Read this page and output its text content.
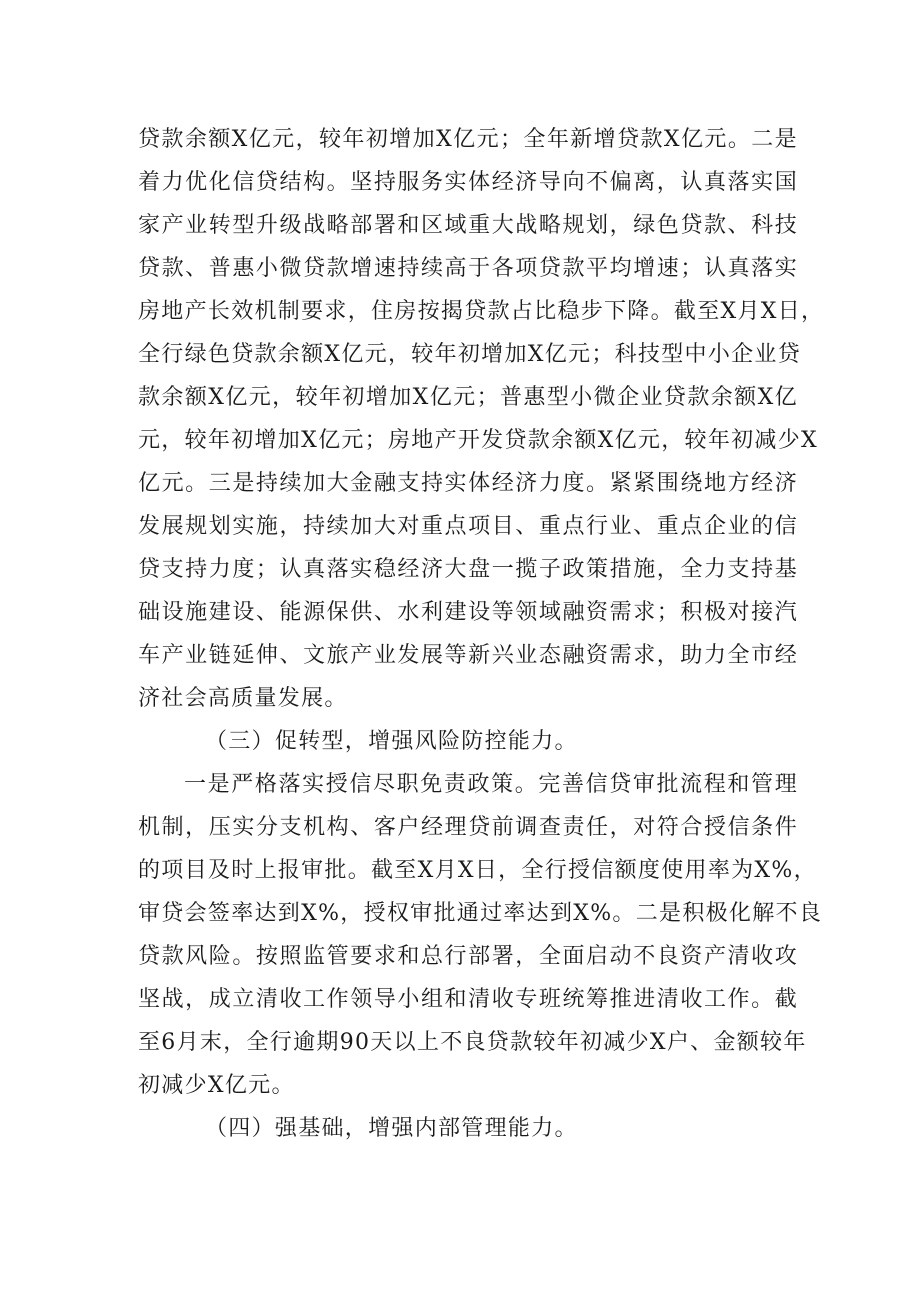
贷款余额X亿元，较年初增加X亿元；全年新增贷款X亿元。二是
着力优化信贷结构。坚持服务实体经济导向不偏离，认真落实国
家产业转型升级战略部署和区域重大战略规划，绿色贷款、科技
贷款、普惠小微贷款增速持续高于各项贷款平均增速；认真落实
房地产长效机制要求，住房按揭贷款占比稳步下降。截至X月X日，
全行绿色贷款余额X亿元，较年初增加X亿元；科技型中小企业贷
款余额X亿元，较年初增加X亿元；普惠型小微企业贷款余额X亿
元，较年初增加X亿元；房地产开发贷款余额X亿元，较年初减少X
亿元。三是持续加大金融支持实体经济力度。紧紧围绕地方经济
发展规划实施，持续加大对重点项目、重点行业、重点企业的信
贷支持力度；认真落实稳经济大盘一揽子政策措施，全力支持基
础设施建设、能源保供、水利建设等领域融资需求；积极对接汽
车产业链延伸、文旅产业发展等新兴业态融资需求，助力全市经
济社会高质量发展。
（三）促转型，增强风险防控能力。
一是严格落实授信尽职免责政策。完善信贷审批流程和管理
机制，压实分支机构、客户经理贷前调查责任，对符合授信条件
的项目及时上报审批。截至X月X日，全行授信额度使用率为X%，
审贷会签率达到X%，授权审批通过率达到X%。二是积极化解不良
贷款风险。按照监管要求和总行部署，全面启动不良资产清收攻
坚战，成立清收工作领导小组和清收专班统筹推进清收工作。截
至6月末，全行逾期90天以上不良贷款较年初减少X户、金额较年
初减少X亿元。
（四）强基础，增强内部管理能力。
